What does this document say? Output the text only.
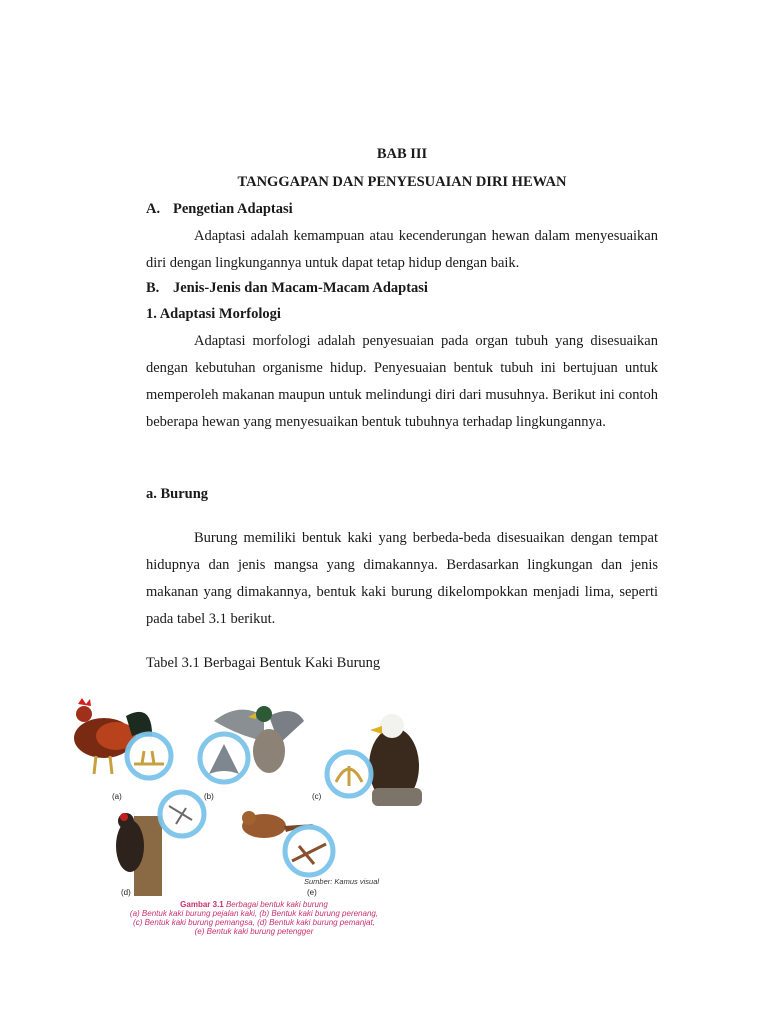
BAB III
TANGGAPAN DAN PENYESUAIAN DIRI HEWAN
A. Pengetian Adaptasi
Adaptasi adalah kemampuan atau kecenderungan hewan dalam menyesuaikan diri dengan lingkungannya untuk dapat tetap hidup dengan baik.
B. Jenis-Jenis dan Macam-Macam Adaptasi
1. Adaptasi Morfologi
Adaptasi morfologi adalah penyesuaian pada organ tubuh yang disesuaikan dengan kebutuhan organisme hidup. Penyesuaian bentuk tubuh ini bertujuan untuk memperoleh makanan maupun untuk melindungi diri dari musuhnya. Berikut ini contoh beberapa hewan yang menyesuaikan bentuk tubuhnya terhadap lingkungannya.
a. Burung
Burung memiliki bentuk kaki yang berbeda-beda disesuaikan dengan tempat hidupnya dan jenis mangsa yang dimakannya. Berdasarkan lingkungan dan jenis makanan yang dimakannya, bentuk kaki burung dikelompokkan menjadi lima, seperti pada tabel 3.1 berikut.
Tabel 3.1 Berbagai Bentuk Kaki Burung
(a)	(b)	(c)
(d)	(e)
Sumber: Kamus visual
Gambar 3.1 Berbagai bentuk kaki burung
(a) Bentuk kaki burung pejalan kaki, (b) Bentuk kaki burung perenang,
(c) Bentuk kaki burung pemangsa, (d) Bentuk kaki burung pemanjat,
(e) Bentuk kaki burung petengger
